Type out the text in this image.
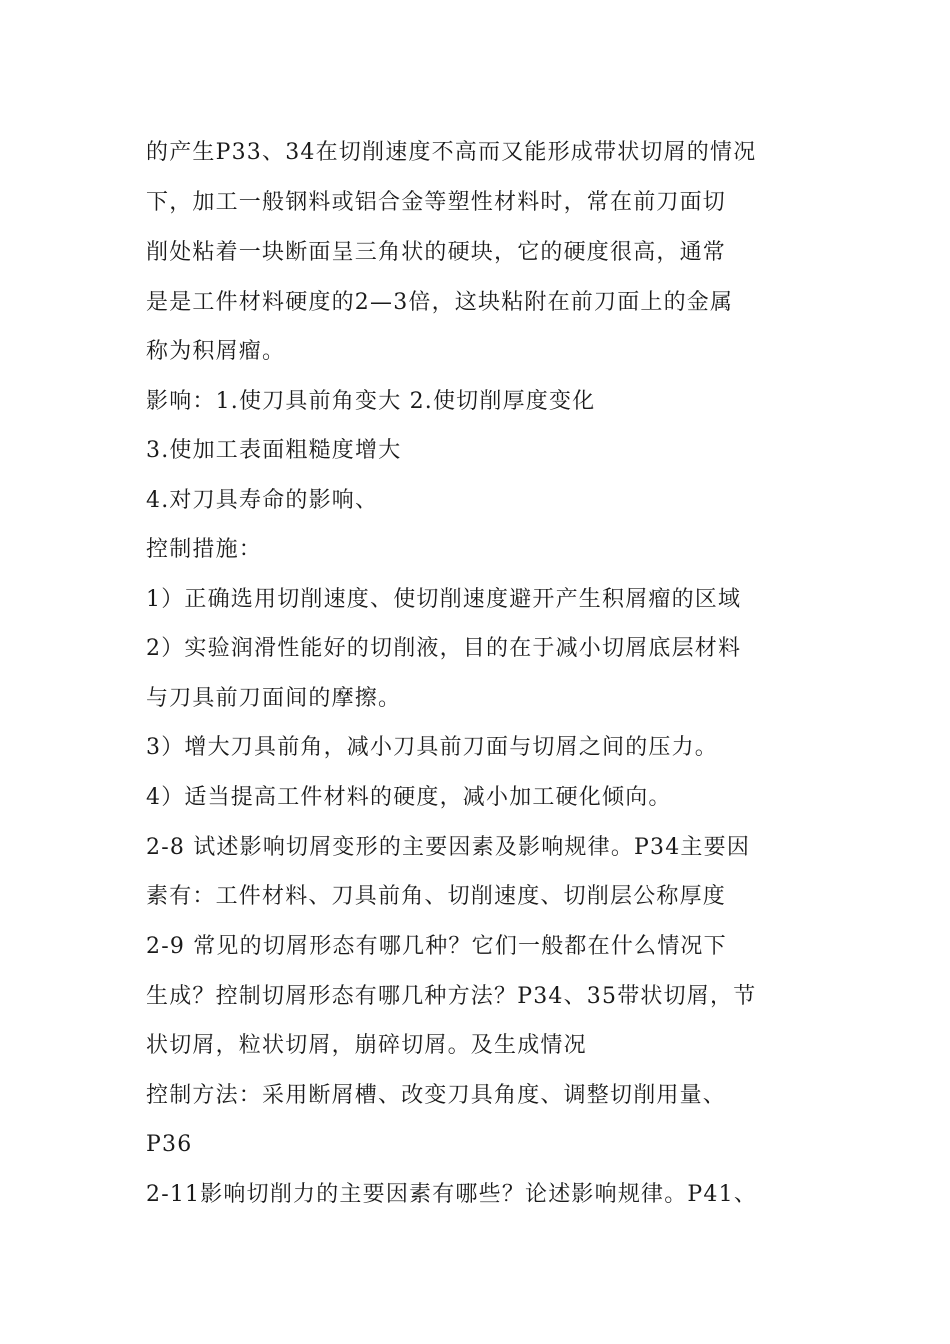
的产生P33、34在切削速度不高而又能形成带状切屑的情况
下，加工一般钢料或铝合金等塑性材料时，常在前刀面切
削处粘着一块断面呈三角状的硬块，它的硬度很高，通常
是是工件材料硬度的2—3倍，这块粘附在前刀面上的金属
称为积屑瘤。
影响：1.使刀具前角变大 2.使切削厚度变化
3.使加工表面粗糙度增大
4.对刀具寿命的影响、
控制措施：
1）正确选用切削速度、使切削速度避开产生积屑瘤的区域
2）实验润滑性能好的切削液，目的在于减小切屑底层材料
与刀具前刀面间的摩擦。
3）增大刀具前角，减小刀具前刀面与切屑之间的压力。
4）适当提高工件材料的硬度，减小加工硬化倾向。
2-8 试述影响切屑变形的主要因素及影响规律。P34主要因
素有：工件材料、刀具前角、切削速度、切削层公称厚度
2-9 常见的切屑形态有哪几种？它们一般都在什么情况下
生成？控制切屑形态有哪几种方法？P34、35带状切屑，节
状切屑，粒状切屑，崩碎切屑。及生成情况
控制方法：采用断屑槽、改变刀具角度、调整切削用量、
P36
2-11影响切削力的主要因素有哪些？论述影响规律。P41、
